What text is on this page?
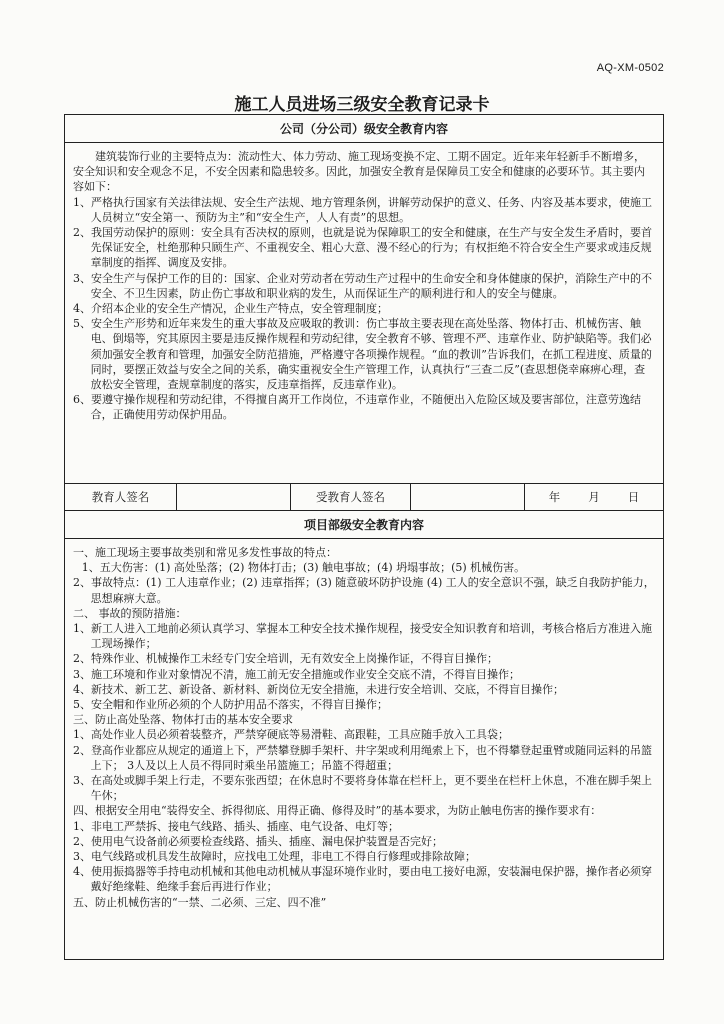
AQ-XM-0502
施工人员进场三级安全教育记录卡
公司（分公司）级安全教育内容

建筑装饰行业的主要特点为：流动性大、体力劳动、施工现场变换不定、工期不固定。近年来年轻新手不断增多，安全知识和安全观念不足，不安全因素和隐患较多。因此，加强安全教育是保障员工安全和健康的必要环节。其主要内容如下：

1、严格执行国家有关法律法规、安全生产法规、地方管理条例，讲解劳动保护的意义、任务、内容及基本要求，使施工人员树立“安全第一、预防为主”和“安全生产，人人有责”的思想。

2、我国劳动保护的原则：安全具有否决权的原则，也就是说为保障职工的安全和健康，在生产与安全发生矛盾时，要首先保证安全，杜绝那种只顾生产、不重视安全、粗心大意、漫不经心的行为；有权拒绝不符合安全生产要求或违反规章制度的指挥、调度及安排。

3、安全生产与保护工作的目的：国家、企业对劳动者在劳动生产过程中的生命安全和身体健康的保护，消除生产中的不安全、不卫生因素，防止伤亡事故和职业病的发生，从而保证生产的顺利进行和人的安全与健康。

4、介绍本企业的安全生产情况，企业生产特点，安全管理制度；

5、安全生产形势和近年来发生的重大事故及应吸取的教训：伤亡事故主要表现在高处坠落、物体打击、机械伤害、触电、倒塌等，究其原因主要是违反操作规程和劳动纪律，安全教育不够、管理不严、违章作业、防护缺陷等。我们必须加强安全教育和管理，加强安全防范措施，严格遵守各项操作规程。“血的教训”告诉我们，在抓工程进度、质量的同时，要摆正效益与安全之间的关系，确实重视安全生产管理工作，认真执行“三查二反”(查思想侥幸麻痹心理，查放松安全管理，查规章制度的落实，反违章指挥，反违章作业)。

6、要遵守操作规程和劳动纪律，不得擅自离开工作岗位，不违章作业，不随便出入危险区域及要害部位，注意劳逸结合，正确使用劳动保护用品。

教育人签名	受教育人签名	年 月 日
项目部级安全教育内容

一、施工现场主要事故类别和常见多发性事故的特点：

1、五大伤害：(1) 高处坠落；(2) 物体打击；(3) 触电事故；(4) 坍塌事故；(5) 机械伤害。

2、事故特点：(1) 工人违章作业；(2) 违章指挥；(3) 随意破坏防护设施 (4) 工人的安全意识不强，缺乏自我防护能力，思想麻痹大意。

二、 事故的预防措施：

1、新工人进入工地前必须认真学习、掌握本工种安全技术操作规程，接受安全知识教育和培训，考核合格后方准进入施工现场操作；

2、特殊作业、机械操作工未经专门安全培训，无有效安全上岗操作证，不得盲目操作；

3、施工环境和作业对象情况不清，施工前无安全措施或作业安全交底不清，不得盲目操作；

4、新技术、新工艺、新设备、新材料、新岗位无安全措施，未进行安全培训、交底，不得盲目操作；

5、安全帽和作业所必须的个人防护用品不落实，不得盲目操作；

三、防止高处坠落、物体打击的基本安全要求

1、高处作业人员必须着装整齐，严禁穿硬底等易滑鞋、高跟鞋，工具应随手放入工具袋；

2、登高作业都应从规定的通道上下，严禁攀登脚手架杆、井字架或利用绳索上下，也不得攀登起重臂或随同运料的吊篮上下； 3人及以上人员不得同时乘坐吊篮施工；吊篮不得超重；

3、在高处或脚手架上行走，不要东张西望；在休息时不要将身体靠在栏杆上，更不要坐在栏杆上休息，不准在脚手架上午休；

四、根据安全用电“装得安全、拆得彻底、用得正确、修得及时”的基本要求，为防止触电伤害的操作要求有：

1、非电工严禁拆、接电气线路、插头、插座、电气设备、电灯等；

2、使用电气设备前必须要检查线路、插头、插座、漏电保护装置是否完好；

3、电气线路或机具发生故障时，应找电工处理，非电工不得自行修理或排除故障；

4、使用振捣器等手持电动机械和其他电动机械从事湿环境作业时，要由电工接好电源，安装漏电保护器，操作者必须穿戴好绝缘鞋、绝缘手套后再进行作业；

五、防止机械伤害的“一禁、二必须、三定、四不准”
